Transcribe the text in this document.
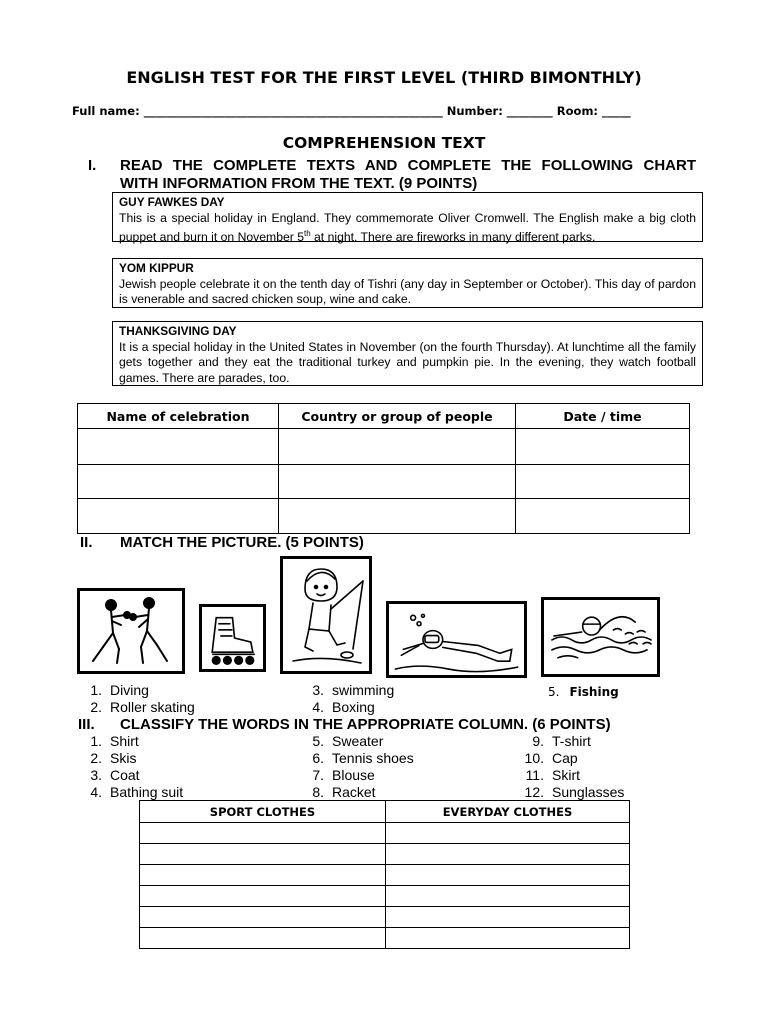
ENGLISH TEST FOR THE FIRST LEVEL (THIRD BIMONTHLY)
Full name: ____________________________________________________ Number: ________ Room: _____
COMPREHENSION TEXT
I. READ THE COMPLETE TEXTS AND COMPLETE THE FOLLOWING CHART
WITH INFORMATION FROM THE TEXT. (9 POINTS)
GUY FAWKES DAY
This is a special holiday in England. They commemorate Oliver Cromwell. The English make a big cloth puppet and burn it on November 5th at night. There are fireworks in many different parks.
YOM KIPPUR
Jewish people celebrate it on the tenth day of Tishri (any day in September or October). This day of pardon is venerable and sacred chicken soup, wine and cake.
THANKSGIVING DAY
It is a special holiday in the United States in November (on the fourth Thursday). At lunchtime all the family gets together and they eat the traditional turkey and pumpkin pie. In the evening, they watch football games. There are parades, too.
Name of celebration	Country or group of people	Date / time

II. MATCH THE PICTURE. (5 POINTS)
1. Diving
2. Roller skating
3. swimming
4. Boxing
5. Fishing
III. CLASSIFY THE WORDS IN THE APPROPRIATE COLUMN. (6 POINTS)
1. Shirt
2. Skis
3. Coat
4. Bathing suit
5. Sweater
6. Tennis shoes
7. Blouse
8. Racket
9. T-shirt
10. Cap
11. Skirt
12. Sunglasses
SPORT CLOTHES	EVERYDAY CLOTHES
